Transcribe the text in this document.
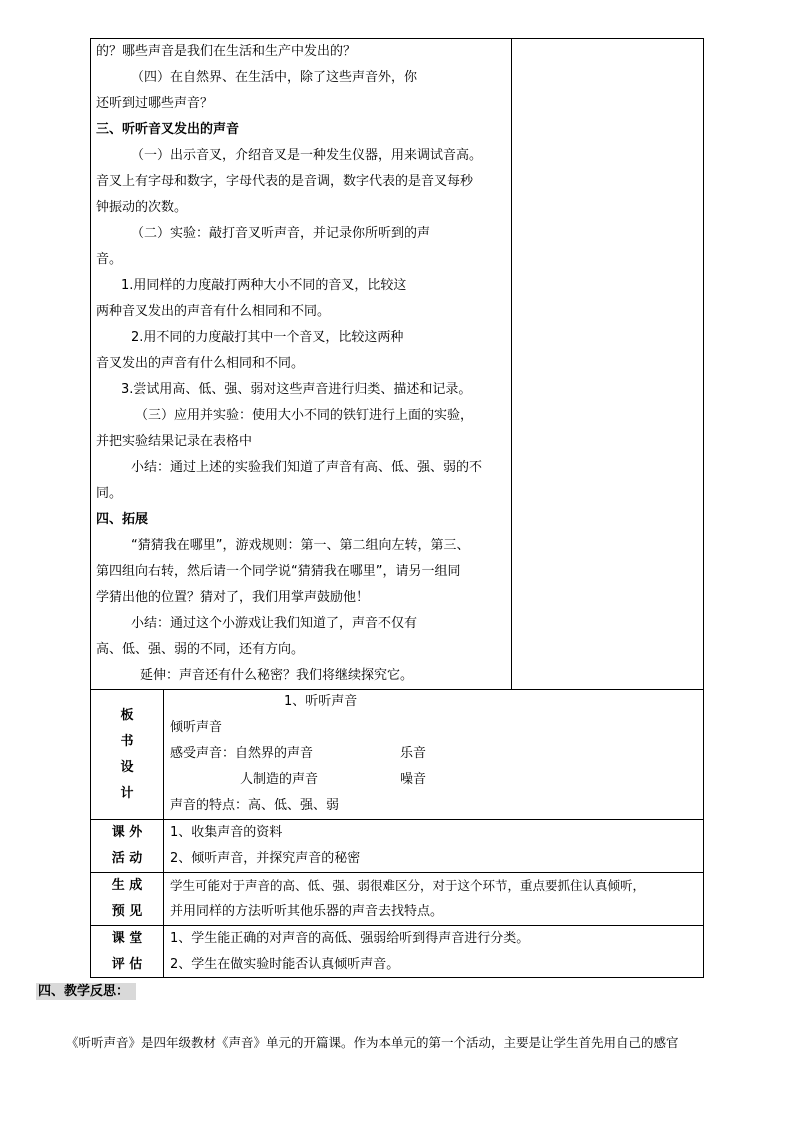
的？哪些声音是我们在生活和生产中发出的？
（四）在自然界、在生活中，除了这些声音外，你
还听到过哪些声音？
三、听听音叉发出的声音
（一）出示音叉，介绍音叉是一种发生仪器，用来调试音高。
音叉上有字母和数字，字母代表的是音调，数字代表的是音叉每秒
钟振动的次数。
（二）实验：敲打音叉听声音，并记录你所听到的声
音。
1.用同样的力度敲打两种大小不同的音叉，比较这
两种音叉发出的声音有什么相同和不同。
2.用不同的力度敲打其中一个音叉，比较这两种
音叉发出的声音有什么相同和不同。
3.尝试用高、低、强、弱对这些声音进行归类、描述和记录。
（三）应用并实验：使用大小不同的铁钉进行上面的实验，
并把实验结果记录在表格中
小结：通过上述的实验我们知道了声音有高、低、强、弱的不
同。
四、拓展
“猜猜我在哪里”，游戏规则：第一、第二组向左转，第三、
第四组向右转，然后请一个同学说“猜猜我在哪里”，请另一组同
学猜出他的位置？猜对了，我们用掌声鼓励他！
小结：通过这个小游戏让我们知道了，声音不仅有
高、低、强、弱的不同，还有方向。
延伸：声音还有什么秘密？我们将继续探究它。
板
书
设
计
1、听听声音
倾听声音
感受声音：自然界的声音	乐音
人制造的声音	噪音
声音的特点：高、低、强、弱
课 外
活 动
1、收集声音的资料
2、倾听声音，并探究声音的秘密
生 成
预 见
学生可能对于声音的高、低、强、弱很难区分，对于这个环节，重点要抓住认真倾听，
并用同样的方法听听其他乐器的声音去找特点。
课 堂
评 估
1、学生能正确的对声音的高低、强弱给听到得声音进行分类。
2、学生在做实验时能否认真倾听声音。
四、教学反思：
《听听声音》是四年级教材《声音》单元的开篇课。作为本单元的第一个活动，主要是让学生首先用自己的感官
